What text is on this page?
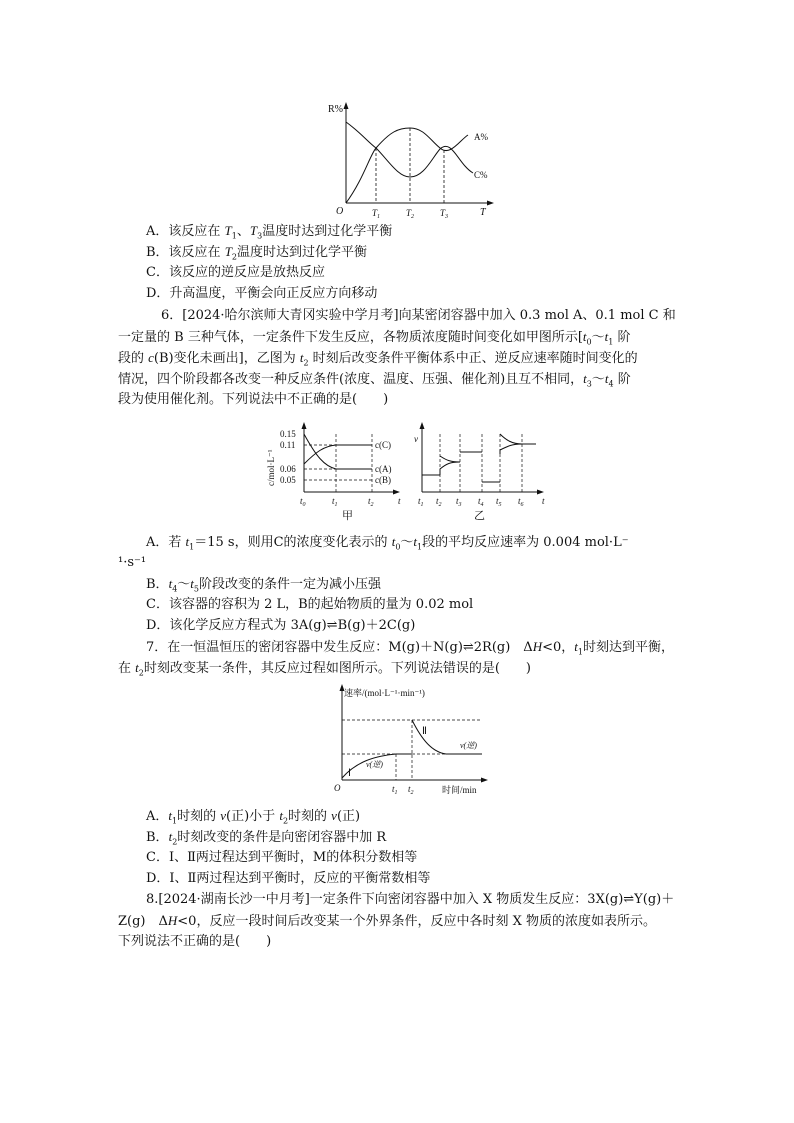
R%
O	T
A%
C%
$T_1$	$T_2$	$T_3$
A．该反应在 $T_1$、$T_3$温度时达到过化学平衡
B．该反应在 $T_2$温度时达到过化学平衡
C．该反应的逆反应是放热反应
D．升高温度，平衡会向正反应方向移动
6．[2024·哈尔滨师大青冈实验中学月考]向某密闭容器中加入 0.3 mol A、0.1 mol C 和
一定量的 B 三种气体，一定条件下发生反应，各物质浓度随时间变化如甲图所示[$t_0\sim t_1$ 阶
段的 c(B)变化未画出]，乙图为 $t_2$ 时刻后改变条件平衡体系中正、逆反应速率随时间变化的
情况，四个阶段都各改变一种反应条件(浓度、温度、压强、催化剂)且互不相同，$t_3\sim t_4$ 阶
段为使用催化剂。下列说法中不正确的是(　　)
c/mol·L⁻¹
0.15
0.11
0.06
0.05
c(C)
c(A)
c(B)
$t_0$	$t_1$	$t_2$	t
甲
v
$t_1$ $t_2$ $t_3$ $t_4$ $t_5$ $t_6$ t
乙
A．若 $t_1=15$ s，则用C的浓度变化表示的 $t_0\sim t_1$段的平均反应速率为 0.004 mol·L⁻
¹·s⁻¹
B．$t_4\sim t_5$阶段改变的条件一定为减小压强
C．该容器的容积为 2 L，B的起始物质的量为 0.02 mol
D．该化学反应方程式为 3A(g)⇌B(g)＋2C(g)
7．在一恒温恒压的密闭容器中发生反应：M(g)＋N(g)⇌2R(g)　ΔH<0，$t_1$时刻达到平衡，
在 $t_2$时刻改变某一条件，其反应过程如图所示。下列说法错误的是(　　)
速率/(mol·L⁻¹·min⁻¹)
时间/min
O
Ⅰ
Ⅱ
v(逆)
v(逆)
$t_1$ $t_2$
A．$t_1$时刻的 v(正)小于 $t_2$时刻的 v(正)
B．$t_2$时刻改变的条件是向密闭容器中加 R
C．Ⅰ、Ⅱ两过程达到平衡时，M的体积分数相等
D．Ⅰ、Ⅱ两过程达到平衡时，反应的平衡常数相等
8.[2024·湖南长沙一中月考]一定条件下向密闭容器中加入 X 物质发生反应：3X(g)⇌Y(g)＋
Z(g)　ΔH<0，反应一段时间后改变某一个外界条件，反应中各时刻 X 物质的浓度如表所示。
下列说法不正确的是(　　)
